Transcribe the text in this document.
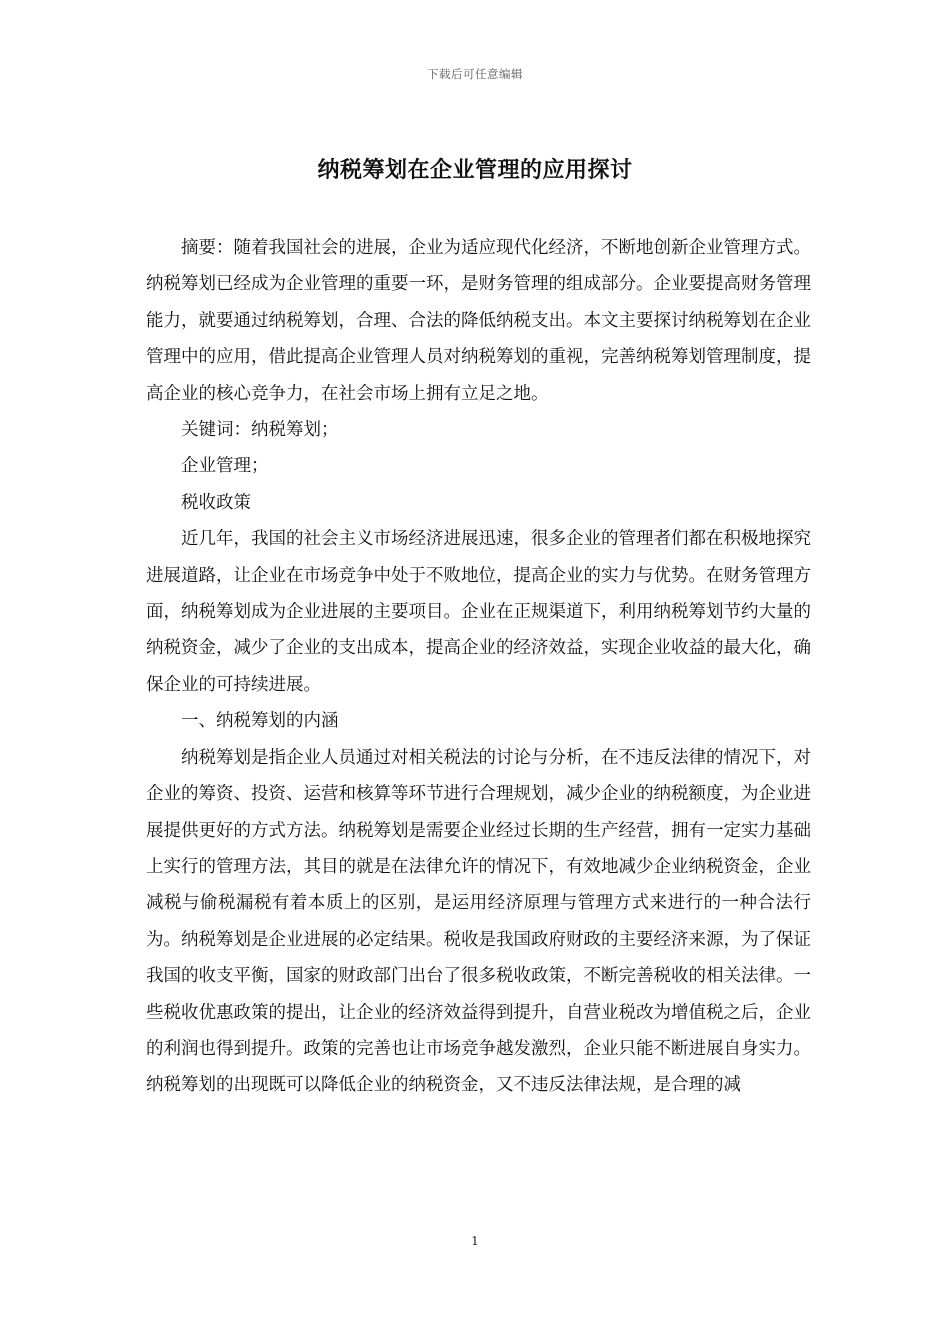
下载后可任意编辑
纳税筹划在企业管理的应用探讨

摘要：随着我国社会的进展，企业为适应现代化经济，不断地创新企业管理方式。纳税筹划已经成为企业管理的重要一环，是财务管理的组成部分。企业要提高财务管理能力，就要通过纳税筹划，合理、合法的降低纳税支出。本文主要探讨纳税筹划在企业管理中的应用，借此提高企业管理人员对纳税筹划的重视，完善纳税筹划管理制度，提高企业的核心竞争力，在社会市场上拥有立足之地。

关键词：纳税筹划；

企业管理；

税收政策

近几年，我国的社会主义市场经济进展迅速，很多企业的管理者们都在积极地探究进展道路，让企业在市场竞争中处于不败地位，提高企业的实力与优势。在财务管理方面，纳税筹划成为企业进展的主要项目。企业在正规渠道下，利用纳税筹划节约大量的纳税资金，减少了企业的支出成本，提高企业的经济效益，实现企业收益的最大化，确保企业的可持续进展。

一、纳税筹划的内涵

纳税筹划是指企业人员通过对相关税法的讨论与分析，在不违反法律的情况下，对企业的筹资、投资、运营和核算等环节进行合理规划，减少企业的纳税额度，为企业进展提供更好的方式方法。纳税筹划是需要企业经过长期的生产经营，拥有一定实力基础上实行的管理方法，其目的就是在法律允许的情况下，有效地减少企业纳税资金，企业减税与偷税漏税有着本质上的区别，是运用经济原理与管理方式来进行的一种合法行为。纳税筹划是企业进展的必定结果。税收是我国政府财政的主要经济来源，为了保证我国的收支平衡，国家的财政部门出台了很多税收政策，不断完善税收的相关法律。一些税收优惠政策的提出，让企业的经济效益得到提升，自营业税改为增值税之后，企业的利润也得到提升。政策的完善也让市场竞争越发激烈，企业只能不断进展自身实力。纳税筹划的出现既可以降低企业的纳税资金，又不违反法律法规，是合理的减

1
